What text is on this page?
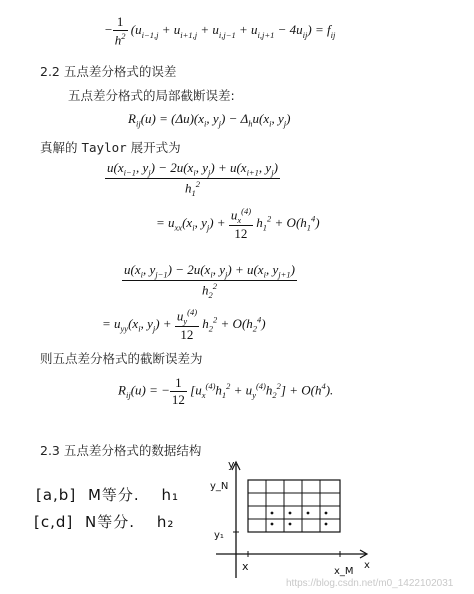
− $\frac{1}{h^2} (u_{i-1,j} + u_{i+1,j} + u_{i,j-1} + u_{i,j+1} - 4u_{ij}) = f_{ij}$
2.2 五点差分格式的误差
五点差分格式的局部截断误差:
$R_{ij}(u) = (\Delta u)(x_i$, $y_j) - \Delta_hu(x_i$, $y_j$)
真解的 Taylor 展开式为
$\frac{u(x_{i-1}, y_j) - 2u(x_i, y_j) + u(x_{i+1}, y_j)}{h_1^2}$
= $u_{xx}(x_i$, $y_j) + \frac{u_x^{(4)}}{12} h_1^2 + O(h_1^4)$
$\frac{u(x_i, y_{j-1}) - 2u(x_i, y_j) + u(x_i, y_{j+1})}{h_2^2}$
= $u_{yy}(x_i$, $y_j) + \frac{u_y^{(4)}}{12} h_2^2 + O(h_2^4)$
则五点差分格式的截断误差为
$R_{ij}(u)$ = − $\frac{1}{12} [u_x^{(4)}h_1^2 + u_y^{(4)}h_2^2] + O(h^4)$.
2.3 五点差分格式的数据结构
[a,b] M等分. h₁
[c,d] N等分. h₂
y
y_N
y₁
x	x_M
x
https://blog.csdn.net/m0_1422102031
